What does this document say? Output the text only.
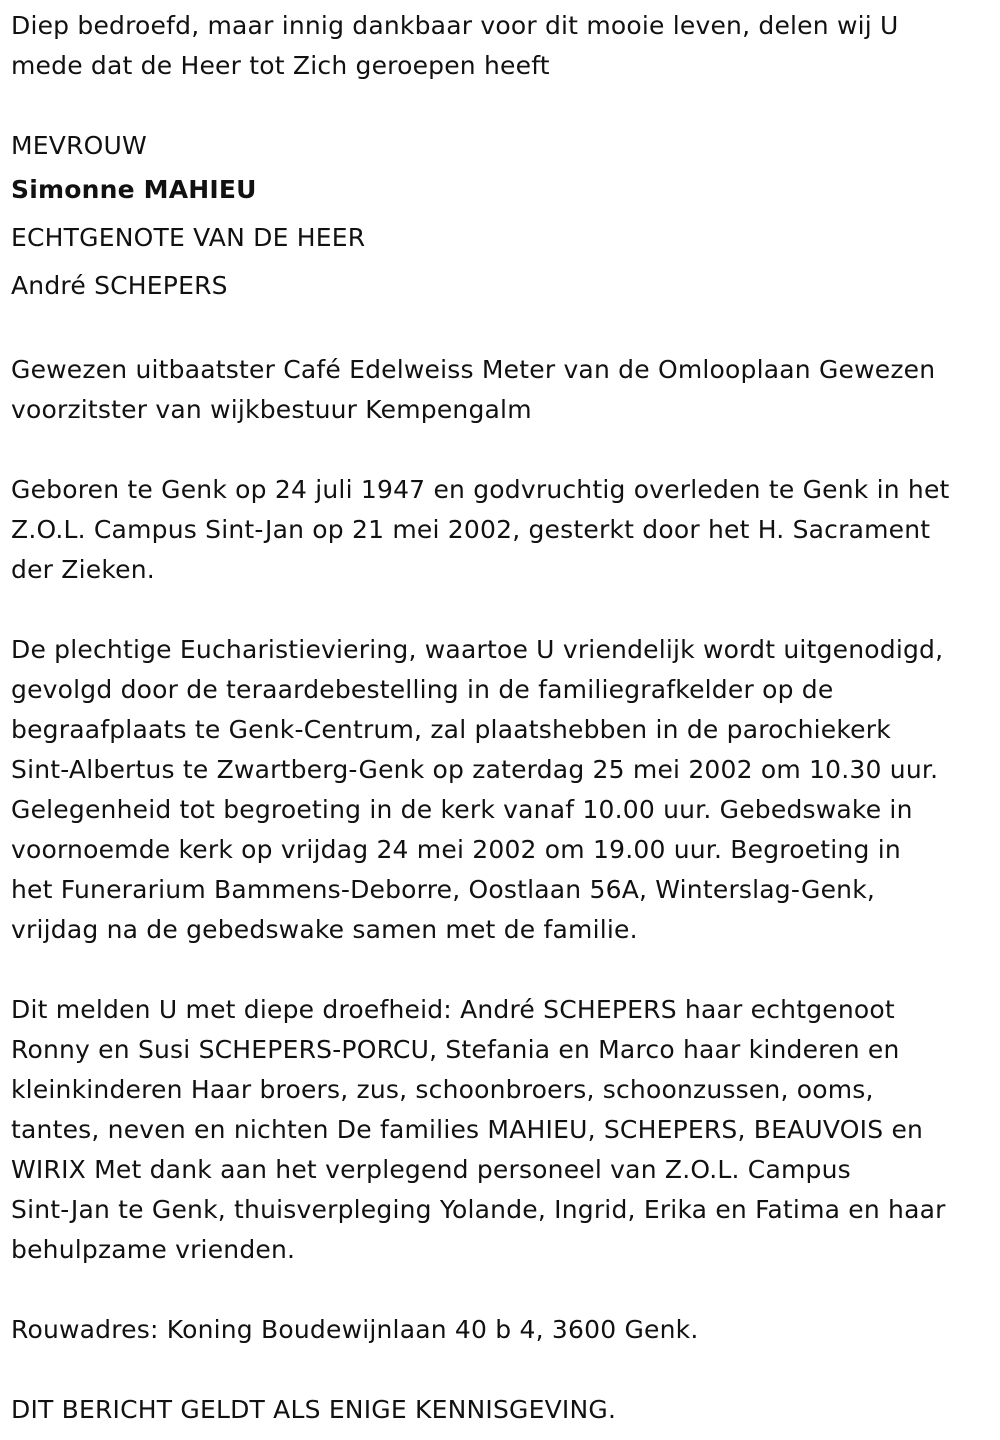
Diep bedroefd, maar innig dankbaar voor dit mooie leven, delen wij U
mede dat de Heer tot Zich geroepen heeft
MEVROUW
Simonne MAHIEU
ECHTGENOTE VAN DE HEER
André SCHEPERS
Gewezen uitbaatster Café Edelweiss Meter van de Omlooplaan Gewezen
voorzitster van wijkbestuur Kempengalm
Geboren te Genk op 24 juli 1947 en godvruchtig overleden te Genk in het
Z.O.L. Campus Sint-Jan op 21 mei 2002, gesterkt door het H. Sacrament
der Zieken.
De plechtige Eucharistieviering, waartoe U vriendelijk wordt uitgenodigd,
gevolgd door de teraardebestelling in de familiegrafkelder op de
begraafplaats te Genk-Centrum, zal plaatshebben in de parochiekerk
Sint-Albertus te Zwartberg-Genk op zaterdag 25 mei 2002 om 10.30 uur.
Gelegenheid tot begroeting in de kerk vanaf 10.00 uur. Gebedswake in
voornoemde kerk op vrijdag 24 mei 2002 om 19.00 uur. Begroeting in
het Funerarium Bammens-Deborre, Oostlaan 56A, Winterslag-Genk,
vrijdag na de gebedswake samen met de familie.
Dit melden U met diepe droefheid: André SCHEPERS haar echtgenoot
Ronny en Susi SCHEPERS-PORCU, Stefania en Marco haar kinderen en
kleinkinderen Haar broers, zus, schoonbroers, schoonzussen, ooms,
tantes, neven en nichten De families MAHIEU, SCHEPERS, BEAUVOIS en
WIRIX Met dank aan het verplegend personeel van Z.O.L. Campus
Sint-Jan te Genk, thuisverpleging Yolande, Ingrid, Erika en Fatima en haar
behulpzame vrienden.
Rouwadres: Koning Boudewijnlaan 40 b 4, 3600 Genk.
DIT BERICHT GELDT ALS ENIGE KENNISGEVING.
